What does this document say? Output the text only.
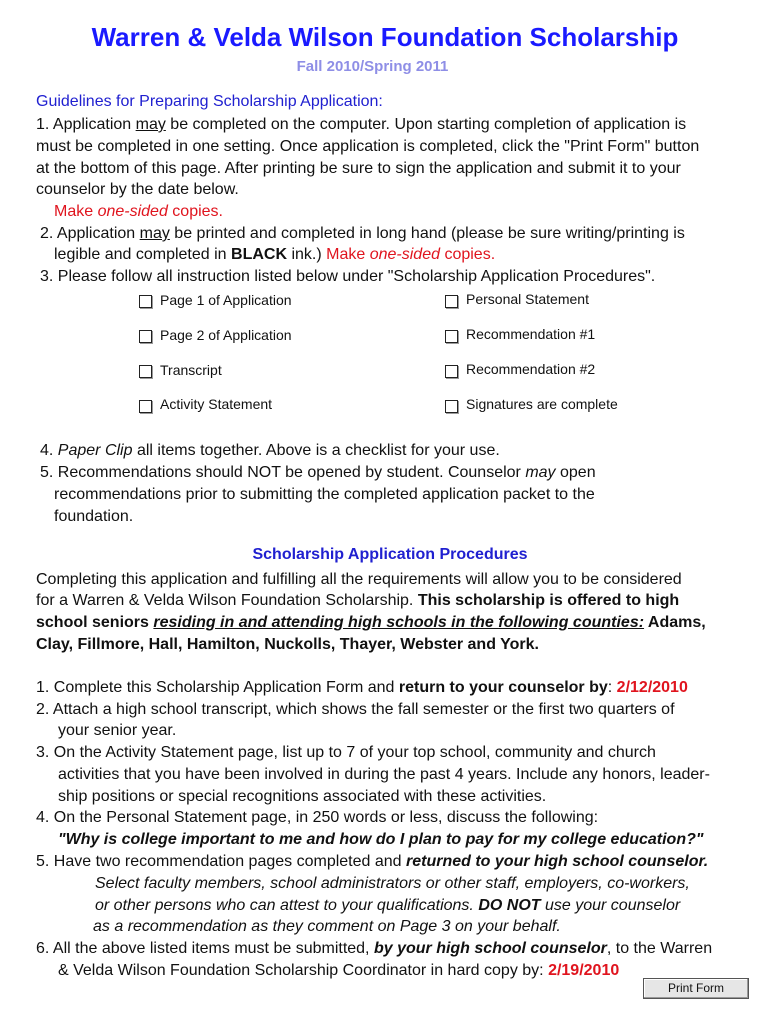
Warren & Velda Wilson Foundation Scholarship
Fall 2010/Spring 2011
Guidelines for Preparing Scholarship Application:
1. Application may be completed on the computer. Upon starting completion of application is
must be completed in one setting. Once application is completed, click the "Print Form" button
at the bottom of this page. After printing be sure to sign the application and submit it to your
counselor by the date below.
Make one-sided copies.
2. Application may be printed and completed in long hand (please be sure writing/printing is
legible and completed in BLACK ink.) Make one-sided copies.
3. Please follow all instruction listed below under "Scholarship Application Procedures".
Page 1 of Application	Personal Statement
Page 2 of Application	Recommendation #1
Transcript	Recommendation #2
Activity Statement	Signatures are complete
4. Paper Clip all items together. Above is a checklist for your use.
5. Recommendations should NOT be opened by student. Counselor may open
recommendations prior to submitting the completed application packet to the
foundation.
Scholarship Application Procedures
Completing this application and fulfilling all the requirements will allow you to be considered
for a Warren & Velda Wilson Foundation Scholarship. This scholarship is offered to high
school seniors residing in and attending high schools in the following counties: Adams,
Clay, Fillmore, Hall, Hamilton, Nuckolls, Thayer, Webster and York.
1. Complete this Scholarship Application Form and return to your counselor by: 2/12/2010
2. Attach a high school transcript, which shows the fall semester or the first two quarters of
your senior year.
3. On the Activity Statement page, list up to 7 of your top school, community and church
activities that you have been involved in during the past 4 years. Include any honors, leader-
ship positions or special recognitions associated with these activities.
4. On the Personal Statement page, in 250 words or less, discuss the following:
"Why is college important to me and how do I plan to pay for my college education?"
5. Have two recommendation pages completed and returned to your high school counselor.
Select faculty members, school administrators or other staff, employers, co-workers,
or other persons who can attest to your qualifications. DO NOT use your counselor
as a recommendation as they comment on Page 3 on your behalf.
6. All the above listed items must be submitted, by your high school counselor, to the Warren
& Velda Wilson Foundation Scholarship Coordinator in hard copy by: 2/19/2010
Print Form
